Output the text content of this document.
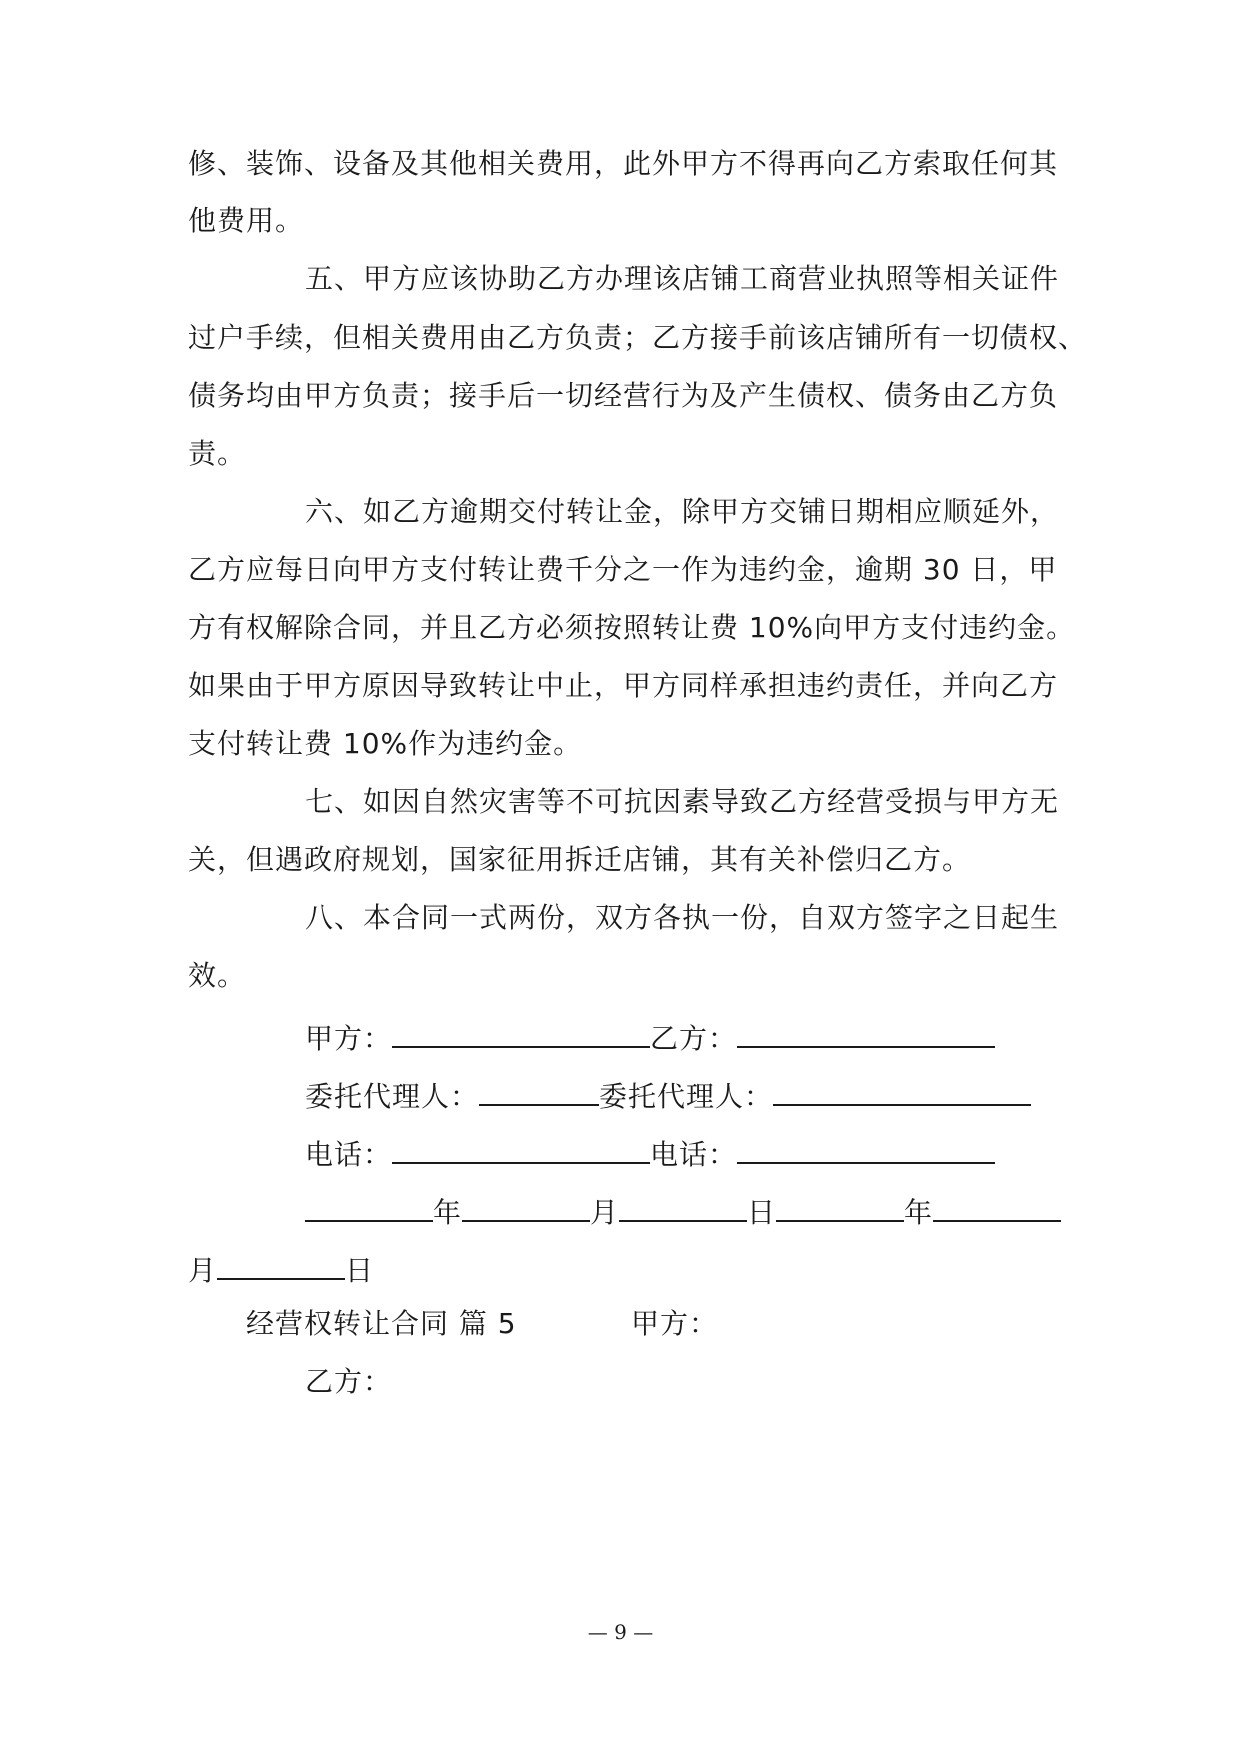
修、装饰、设备及其他相关费用，此外甲方不得再向乙方索取任何其
他费用。
五、甲方应该协助乙方办理该店铺工商营业执照等相关证件
过户手续，但相关费用由乙方负责；乙方接手前该店铺所有一切债权、
债务均由甲方负责；接手后一切经营行为及产生债权、债务由乙方负
责。
六、如乙方逾期交付转让金，除甲方交铺日期相应顺延外，
乙方应每日向甲方支付转让费千分之一作为违约金，逾期 30 日，甲
方有权解除合同，并且乙方必须按照转让费 10%向甲方支付违约金。
如果由于甲方原因导致转让中止，甲方同样承担违约责任，并向乙方
支付转让费 10%作为违约金。
七、如因自然灾害等不可抗因素导致乙方经营受损与甲方无
关，但遇政府规划，国家征用拆迁店铺，其有关补偿归乙方。
八、本合同一式两份，双方各执一份，自双方签字之日起生
效。
甲方：	乙方：
委托代理人：	委托代理人：
电话：	电话：
年	月	日	年
月	日
经营权转让合同 篇 5	甲方：
乙方：
— 9 —
